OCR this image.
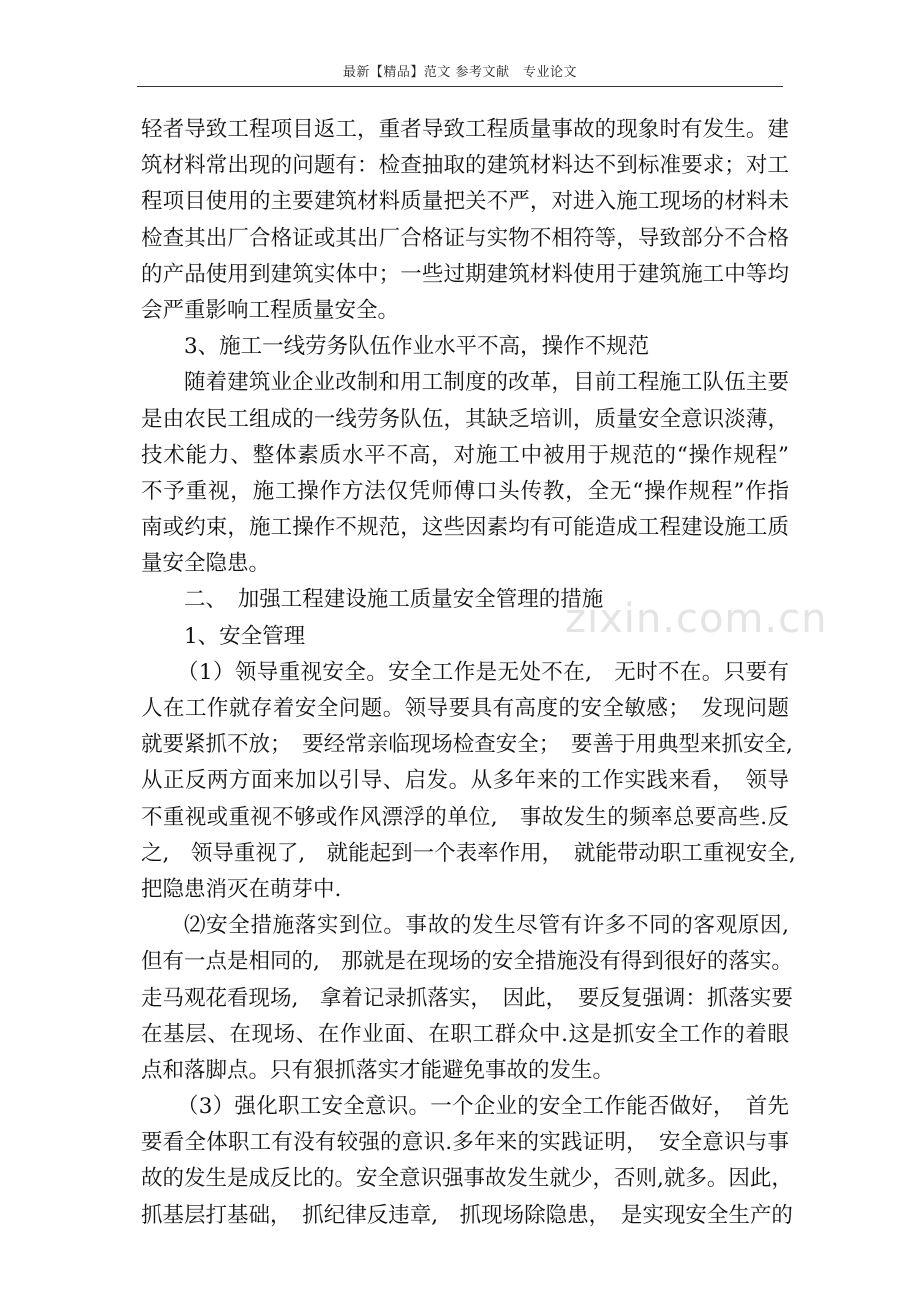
最新【精品】范文 参考文献　专业论文
zixin.com.cn
轻者导致工程项目返工，重者导致工程质量事故的现象时有发生。建
筑材料常出现的问题有：检查抽取的建筑材料达不到标准要求；对工
程项目使用的主要建筑材料质量把关不严，对进入施工现场的材料未
检查其出厂合格证或其出厂合格证与实物不相符等，导致部分不合格
的产品使用到建筑实体中；一些过期建筑材料使用于建筑施工中等均
会严重影响工程质量安全。
3、施工一线劳务队伍作业水平不高，操作不规范
随着建筑业企业改制和用工制度的改革，目前工程施工队伍主要
是由农民工组成的一线劳务队伍，其缺乏培训，质量安全意识淡薄，
技术能力、整体素质水平不高，对施工中被用于规范的“操作规程”
不予重视，施工操作方法仅凭师傅口头传教，全无“操作规程”作指
南或约束，施工操作不规范，这些因素均有可能造成工程建设施工质
量安全隐患。
二、　加强工程建设施工质量安全管理的措施
1、安全管理
（1）领导重视安全。安全工作是无处不在,　无时不在。只要有
人在工作就存着安全问题。领导要具有高度的安全敏感；　发现问题
就要紧抓不放；　要经常亲临现场检查安全；　要善于用典型来抓安全,
从正反两方面来加以引导、启发。从多年来的工作实践来看，　领导
不重视或重视不够或作风漂浮的单位,　事故发生的频率总要高些.反
之,　领导重视了,　就能起到一个表率作用，　就能带动职工重视安全,
把隐患消灭在萌芽中.
⑵安全措施落实到位。事故的发生尽管有许多不同的客观原因,
但有一点是相同的,　那就是在现场的安全措施没有得到很好的落实。
走马观花看现场,　拿着记录抓落实，　因此，　要反复强调：抓落实要
在基层、在现场、在作业面、在职工群众中.这是抓安全工作的着眼
点和落脚点。只有狠抓落实才能避免事故的发生。
（3）强化职工安全意识。一个企业的安全工作能否做好，　首先
要看全体职工有没有较强的意识.多年来的实践证明，　安全意识与事
故的发生是成反比的。安全意识强事故发生就少，否则,就多。因此，
抓基层打基础，　抓纪律反违章,　抓现场除隐患，　是实现安全生产的
